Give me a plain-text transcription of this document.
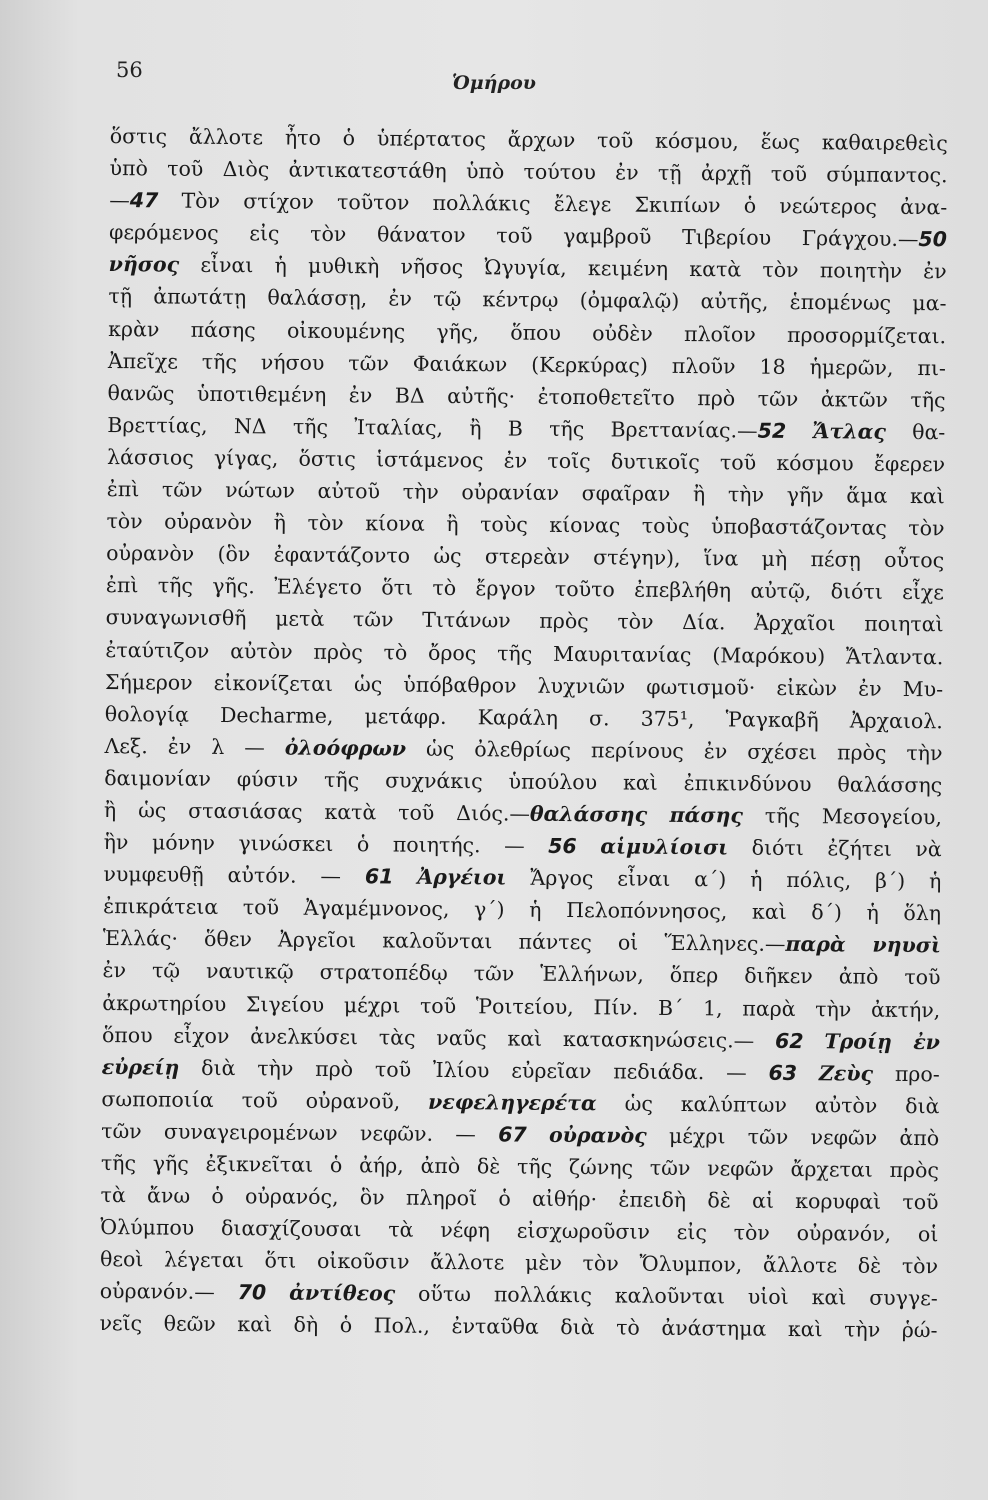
56
Ὁμήρου
ὅστις ἄλλοτε ἦτο ὁ ὑπέρτατος ἄρχων τοῦ κόσμου, ἕως καθαιρεθεὶς
ὑπὸ τοῦ Διὸς ἀντικατεστάθη ὑπὸ τούτου ἐν τῇ ἀρχῇ τοῦ σύμπαντος.
—47 Τὸν στίχον τοῦτον πολλάκις ἔλεγε Σκιπίων ὁ νεώτερος ἀνα-
φερόμενος εἰς τὸν θάνατον τοῦ γαμβροῦ Τιβερίου Γράγχου.—50
νῆσος εἶναι ἡ μυθικὴ νῆσος Ὠγυγία, κειμένη κατὰ τὸν ποιητὴν ἐν
τῇ ἀπωτάτῃ θαλάσσῃ, ἐν τῷ κέντρῳ (ὀμφαλῷ) αὐτῆς, ἑπομένως μα-
κρὰν πάσης οἰκουμένης γῆς, ὅπου οὐδὲν πλοῖον προσορμίζεται.
Ἀπεῖχε τῆς νήσου τῶν Φαιάκων (Κερκύρας) πλοῦν 18 ἡμερῶν, πι-
θανῶς ὑποτιθεμένη ἐν ΒΔ αὐτῆς· ἐτοποθετεῖτο πρὸ τῶν ἀκτῶν τῆς
Βρεττίας, ΝΔ τῆς Ἰταλίας, ἢ Β τῆς Βρεττανίας.—52 Ἄτλας θα-
λάσσιος γίγας, ὅστις ἱστάμενος ἐν τοῖς δυτικοῖς τοῦ κόσμου ἔφερεν
ἐπὶ τῶν νώτων αὐτοῦ τὴν οὐρανίαν σφαῖραν ἢ τὴν γῆν ἅμα καὶ
τὸν οὐρανὸν ἢ τὸν κίονα ἢ τοὺς κίονας τοὺς ὑποβαστάζοντας τὸν
οὐρανὸν (ὃν ἐφαντάζοντο ὡς στερεὰν στέγην), ἵνα μὴ πέσῃ οὗτος
ἐπὶ τῆς γῆς. Ἐλέγετο ὅτι τὸ ἔργον τοῦτο ἐπεβλήθη αὐτῷ, διότι εἶχε
συναγωνισθῆ μετὰ τῶν Τιτάνων πρὸς τὸν Δία. Ἀρχαῖοι ποιηταὶ
ἐταύτιζον αὐτὸν πρὸς τὸ ὄρος τῆς Μαυριτανίας (Μαρόκου) Ἄτλαντα.
Σήμερον εἰκονίζεται ὡς ὑπόβαθρον λυχνιῶν φωτισμοῦ· εἰκὼν ἐν Μυ-
θολογίᾳ Decharme, μετάφρ. Καράλη σ. 375¹, Ῥαγκαβῆ Ἀρχαιολ.
Λεξ. ἐν λ — ὀλοόφρων ὡς ὀλεθρίως περίνους ἐν σχέσει πρὸς τὴν
δαιμονίαν φύσιν τῆς συχνάκις ὑπούλου καὶ ἐπικινδύνου θαλάσσης
ἢ ὡς στασιάσας κατὰ τοῦ Διός.—θαλάσσης πάσης τῆς Μεσογείου,
ἣν μόνην γινώσκει ὁ ποιητής. — 56 αἱμυλίοισι διότι ἐζήτει νὰ
νυμφευθῇ αὐτόν. — 61 Ἀργέιοι Ἄργος εἶναι α΄) ἡ πόλις, β΄) ἡ
ἐπικράτεια τοῦ Ἀγαμέμνονος, γ΄) ἡ Πελοπόννησος, καὶ δ΄) ἡ ὅλη
Ἑλλάς· ὅθεν Ἀργεῖοι καλοῦνται πάντες οἱ Ἕλληνες.—παρὰ νηυσὶ
ἐν τῷ ναυτικῷ στρατοπέδῳ τῶν Ἑλλήνων, ὅπερ διῆκεν ἀπὸ τοῦ
ἀκρωτηρίου Σιγείου μέχρι τοῦ Ῥοιτείου, Πίν. Β΄ 1, παρὰ τὴν ἀκτήν,
ὅπου εἶχον ἀνελκύσει τὰς ναῦς καὶ κατασκηνώσεις.— 62 Τροίῃ ἐν
εὐρείῃ διὰ τὴν πρὸ τοῦ Ἰλίου εὐρεῖαν πεδιάδα. — 63 Ζεὺς προ-
σωποποιία τοῦ οὐρανοῦ, νεφεληγερέτα ὡς καλύπτων αὐτὸν διὰ
τῶν συναγειρομένων νεφῶν. — 67 οὐρανὸς μέχρι τῶν νεφῶν ἀπὸ
τῆς γῆς ἐξικνεῖται ὁ ἀήρ, ἀπὸ δὲ τῆς ζώνης τῶν νεφῶν ἄρχεται πρὸς
τὰ ἄνω ὁ οὐρανός, ὃν πληροῖ ὁ αἰθήρ· ἐπειδὴ δὲ αἱ κορυφαὶ τοῦ
Ὀλύμπου διασχίζουσαι τὰ νέφη εἰσχωροῦσιν εἰς τὸν οὐρανόν, οἱ
θεοὶ λέγεται ὅτι οἰκοῦσιν ἄλλοτε μὲν τὸν Ὄλυμπον, ἄλλοτε δὲ τὸν
οὐρανόν.— 70 ἀντίθεος οὕτω πολλάκις καλοῦνται υἱοὶ καὶ συγγε-
νεῖς θεῶν καὶ δὴ ὁ Πολ., ἐνταῦθα διὰ τὸ ἀνάστημα καὶ τὴν ῥώ-
